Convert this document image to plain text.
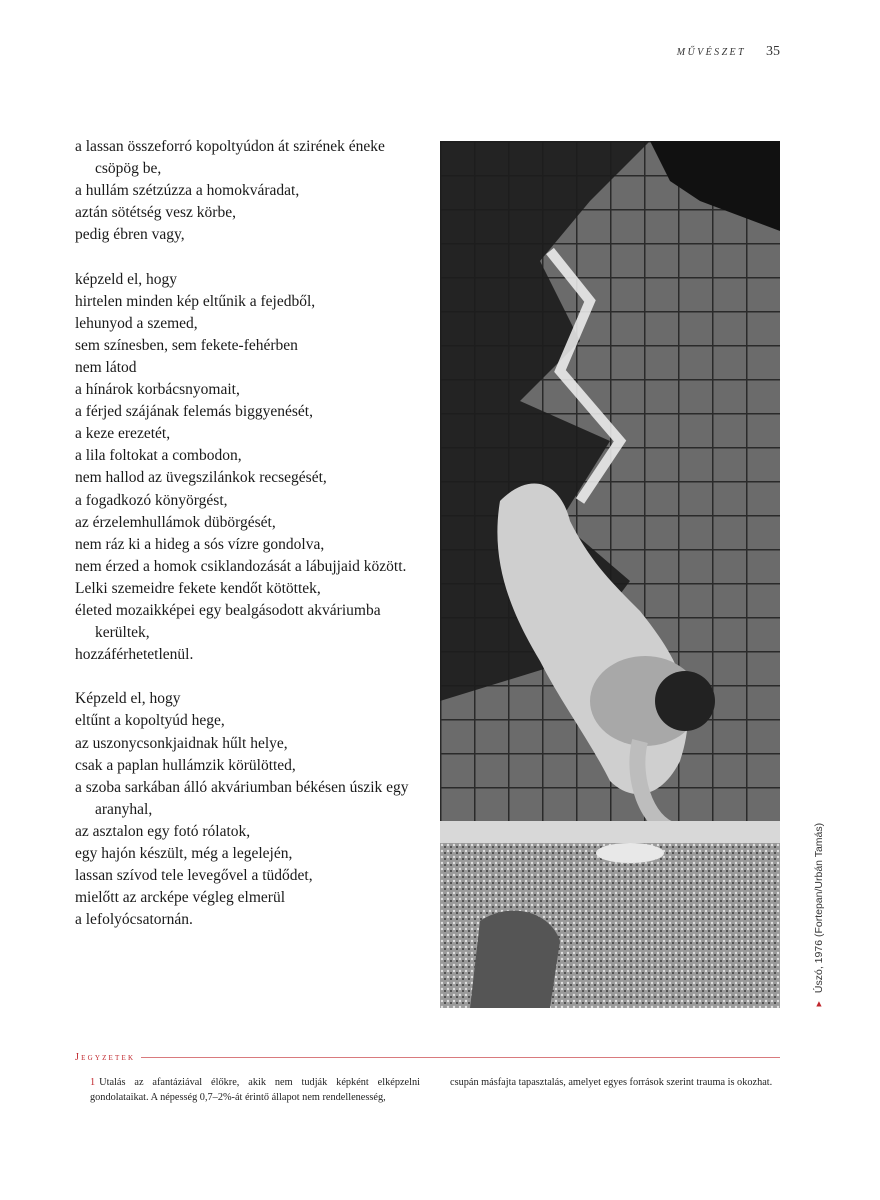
MŰVÉSZET 35
a lassan összeforró kopoltyúdon át szirének éneke csöpög be,
a hullám szétzúzza a homokváradat,
aztán sötétség vesz körbe,
pedig ébren vagy,
képzeld el, hogy
hirtelen minden kép eltűnik a fejedből,
lehunyod a szemed,
sem színesben, sem fekete-fehérben
nem látod
a hínárok korbácsnyomait,
a férjed szájának felemás biggyenését,
a keze erezetét,
a lila foltokat a combodon,
nem hallod az üvegszilánkok recsegését,
a fogadkozó könyörgést,
az érzelemhullámok dübörgését,
nem ráz ki a hideg a sós vízre gondolva,
nem érzed a homok csiklandozását a lábujjaid között.
Lelki szemeidre fekete kendőt kötöttek,
életed mozaikképei egy bealgásodott akváriumba kerültek,
hozzáférhetetlenül.
Képzeld el, hogy
eltűnt a kopoltyúd hege,
az uszonycsonkjaidnak hűlt helye,
csak a paplan hullámzik körülötted,
a szoba sarkában álló akváriumban békésen úszik egy aranyhal,
az asztalon egy fotó rólatok,
egy hajón készült, még a legelején,
lassan szívod tele levegővel a tüdődet,
mielőtt az arcképe végleg elmerül
a lefolyócsatornán.
▲
Úszó, 1976 (Fortepan/Urbán Tamás)
Jegyzetek
1 Utalás az afantáziával élőkre, akik nem tudják képként elképzelni gondolataikat. A népesség 0,7–2%-át érintő állapot nem rendellenesség,
csupán másfajta tapasztalás, amelyet egyes források szerint trauma is okozhat.
